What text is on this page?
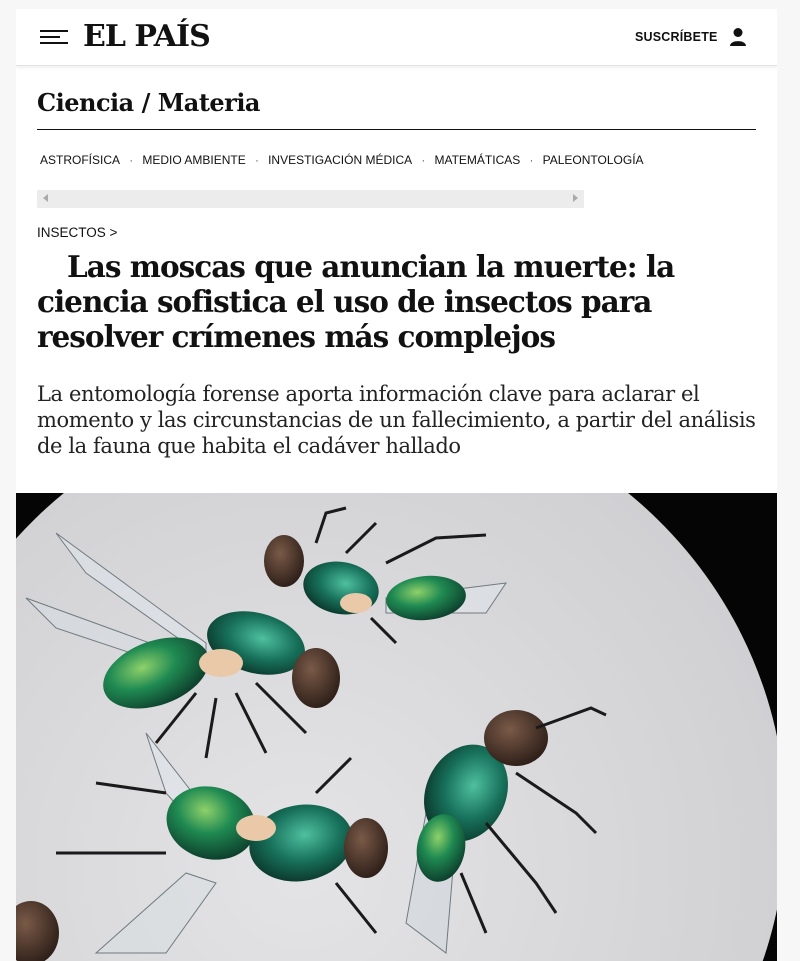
EL PAÍS	SUSCRÍBETE
Ciencia / Materia
ASTROFÍSICA · MEDIO AMBIENTE · INVESTIGACIÓN MÉDICA · MATEMÁTICAS · PALEONTOLOGÍA
INSECTOS >
Las moscas que anuncian la muerte: la ciencia sofistica el uso de insectos para resolver crímenes más complejos

La entomología forense aporta información clave para aclarar el momento y las circunstancias de un fallecimiento, a partir del análisis de la fauna que habita el cadáver hallado
